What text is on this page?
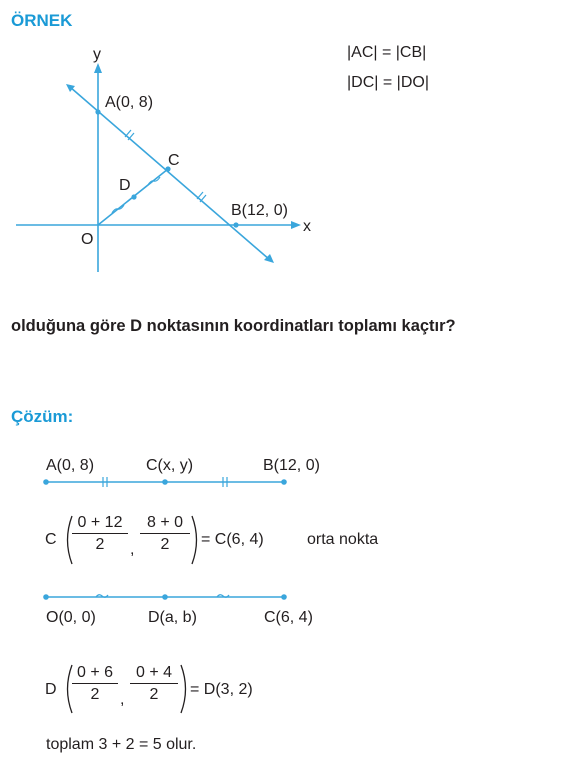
ÖRNEK
|AC| = |CB|
|DC| = |DO|
y
x
O
A(0, 8)
B(12, 0)
C
D
olduğuna göre D noktasının koordinatları toplamı kaçtır?
Çözüm:
A(0, 8)	C(x, y)	B(12, 0)
C $\frac{0 + 12}{2}$ , $\frac{8 + 0}{2} = C(6$, 4)	orta nokta
O(0, 0)	D(a, b)	C(6, 4)
D $\frac{0 + 6}{2}$ , $\frac{0 + 4}{2} = D(3$, 2)
toplam 3 + 2 = 5 olur.
